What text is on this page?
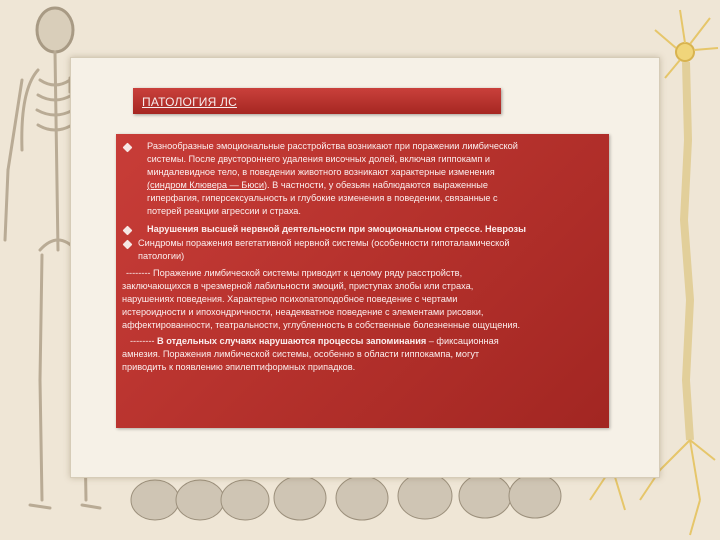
ПАТОЛОГИЯ ЛС
Разнообразные эмоциональные расстройства возникают при поражении лимбической
системы. После двустороннего удаления височных долей, включая гиппокамп и
миндалевидное тело, в поведении животного возникают характерные изменения
(синдром Клювера — Бюси). В частности, у обезьян наблюдаются выраженные
гиперфагия, гиперсексуальность и глубокие изменения в поведении, связанные с
потерей реакции агрессии и страха.
Нарушения высшей нервной деятельности при эмоциональном стрессе. Неврозы
Синдромы поражения вегетативной нервной системы (особенности гипоталамической
патологии)
-------- Поражение лимбической системы приводит к целому ряду расстройств,
заключающихся в чрезмерной лабильности эмоций, приступах злобы или страха,
нарушениях поведения. Характерно психопатоподобное поведение с чертами
истероидности и ипохондричности, неадекватное поведение с элементами рисовки,
аффектированности, театральности, углубленность в собственные болезненные ощущения.
-------- В отдельных случаях нарушаются процессы запоминания – фиксационная
амнезия. Поражения лимбической системы, особенно в области гиппокампа, могут
приводить к появлению эпилептиформных припадков.
